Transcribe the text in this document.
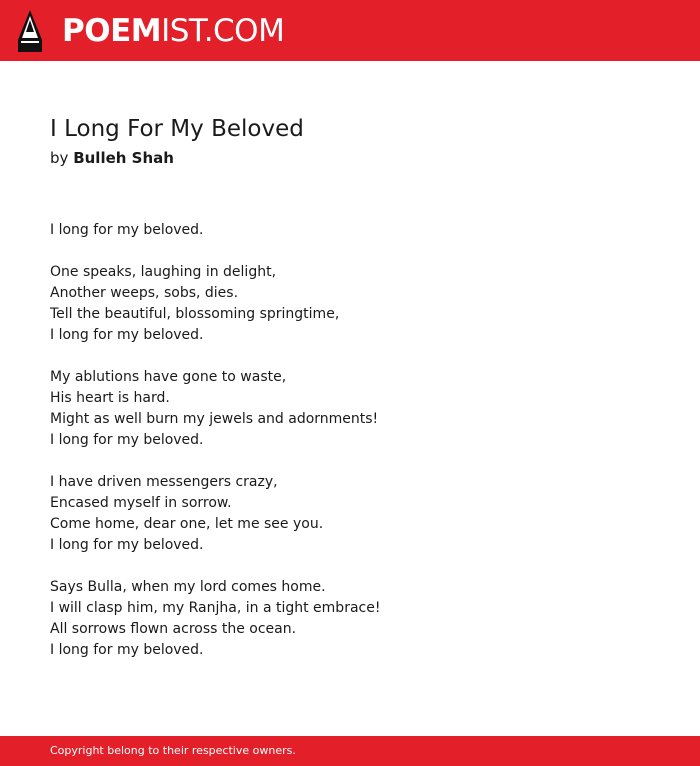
POEMIST.COM
I Long For My Beloved
by Bulleh Shah
I long for my beloved.
One speaks, laughing in delight,
Another weeps, sobs, dies.
Tell the beautiful, blossoming springtime,
I long for my beloved.
My ablutions have gone to waste,
His heart is hard.
Might as well burn my jewels and adornments!
I long for my beloved.
I have driven messengers crazy,
Encased myself in sorrow.
Come home, dear one, let me see you.
I long for my beloved.
Says Bulla, when my lord comes home.
I will clasp him, my Ranjha, in a tight embrace!
All sorrows flown across the ocean.
I long for my beloved.
Copyright belong to their respective owners.
